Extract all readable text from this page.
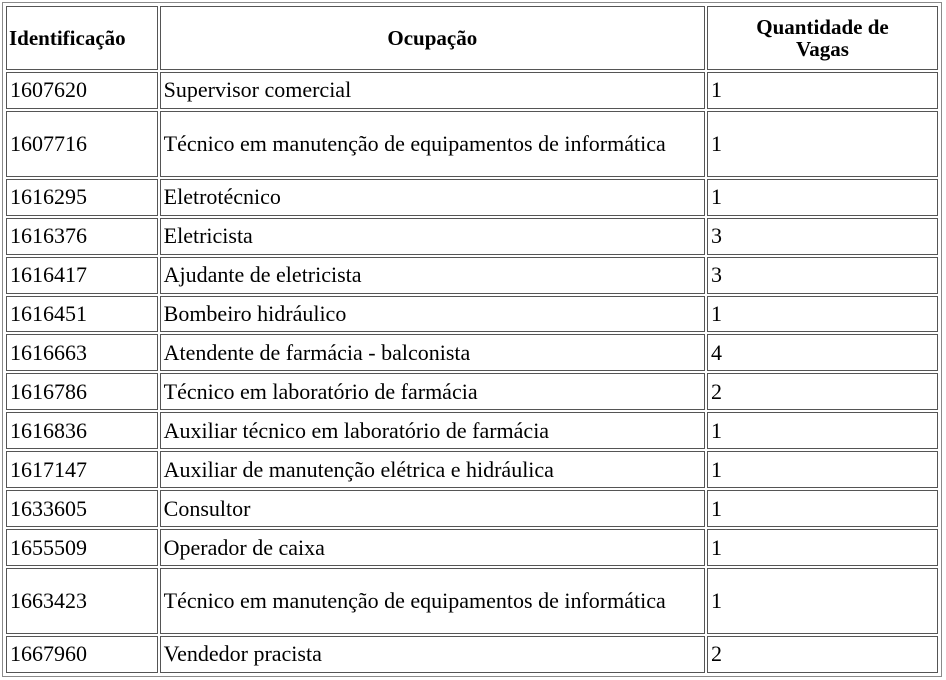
Identificação	Ocupação	Quantidade de
Vagas
1607620	Supervisor comercial	1
1607716	Técnico em manutenção de equipamentos de informática	1
1616295	Eletrotécnico	1
1616376	Eletricista	3
1616417	Ajudante de eletricista	3
1616451	Bombeiro hidráulico	1
1616663	Atendente de farmácia - balconista	4
1616786	Técnico em laboratório de farmácia	2
1616836	Auxiliar técnico em laboratório de farmácia	1
1617147	Auxiliar de manutenção elétrica e hidráulica	1
1633605	Consultor	1
1655509	Operador de caixa	1
1663423	Técnico em manutenção de equipamentos de informática	1
1667960	Vendedor pracista	2
